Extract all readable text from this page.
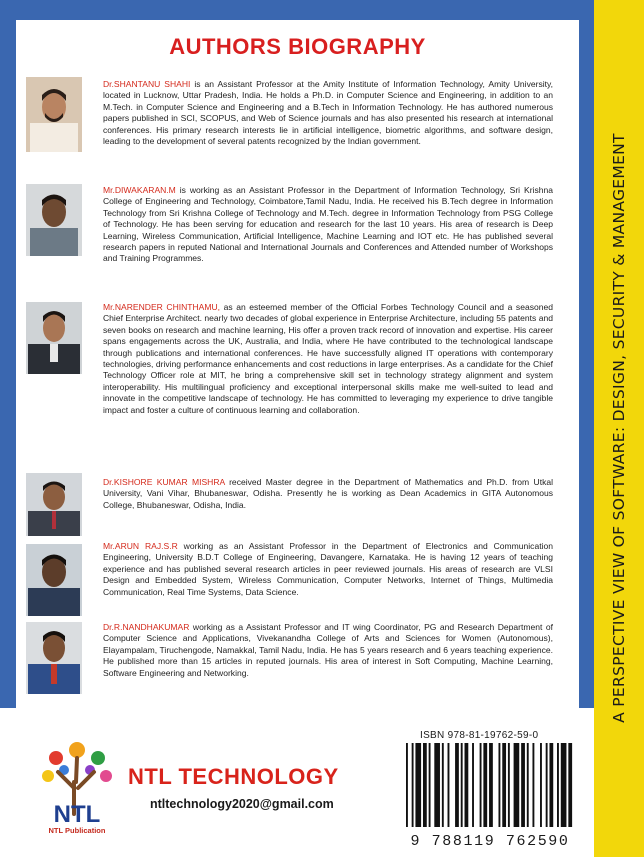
A PERSPECTIVE VIEW OF SOFTWARE: DESIGN, SECURITY & MANAGEMENT
AUTHORS BIOGRAPHY

Dr.SHANTANU SHAHI is an Assistant Professor at the Amity Institute of Information Technology, Amity University, located in Lucknow, Uttar Pradesh, India. He holds a Ph.D. in Computer Science and Engineering, in addition to an M.Tech. in Computer Science and Engineering and a B.Tech in Information Technology. He has authored numerous papers published in SCI, SCOPUS, and Web of Science journals and has also presented his research at international conferences. His primary research interests lie in artificial intelligence, biometric algorithms, and software design, leading to the development of several patents recognized by the Indian government.

Mr.DIWAKARAN.M is working as an Assistant Professor in the Department of Information Technology, Sri Krishna College of Engineering and Technology, Coimbatore,Tamil Nadu, India. He received his B.Tech degree in Information Technology from Sri Krishna College of Technology and M.Tech. degree in Information Technology from PSG College of Technology. He has been serving for education and research for the last 10 years. His area of research is Deep Learning, Wireless Communication, Artificial Intelligence, Machine Learning and IOT etc. He has published several research papers in reputed National and International Journals and Conferences and Attended number of Workshops and Training Programmes.

Mr.NARENDER CHINTHAMU, as an esteemed member of the Official Forbes Technology Council and a seasoned Chief Enterprise Architect. nearly two decades of global experience in Enterprise Architecture, including 55 patents and seven books on research and machine learning, His offer a proven track record of innovation and expertise. His career spans engagements across the UK, Australia, and India, where He have contributed to the technological landscape through publications and international conferences. He have successfully aligned IT operations with contemporary technologies, driving performance enhancements and cost reductions in large enterprises. As a candidate for the Chief Technology Officer role at MIT, he bring a comprehensive skill set in technology strategy alignment and system interoperability. His multilingual proficiency and exceptional interpersonal skills make me well-suited to lead and innovate in the competitive landscape of technology. He has committed to leveraging my experience to drive tangible impact and foster a culture of continuous learning and collaboration.

Dr.KISHORE KUMAR MISHRA received Master degree in the Department of Mathematics and Ph.D. from Utkal University, Vani Vihar, Bhubaneswar, Odisha. Presently he is working as Dean Academics in GITA Autonomous College, Bhubaneswar, Odisha, India.

Mr.ARUN RAJ.S.R working as an Assistant Professor in the Department of Electronics and Communication Engineering, University B.D.T College of Engineering, Davangere, Karnataka. He is having 12 years of teaching experience and has published several research articles in peer reviewed journals. His areas of research are VLSI Design and Embedded System, Wireless Communication, Computer Networks, Internet of Things, Multimedia Communication, Real Time Systems, Data Science.

Dr.R.NANDHAKUMAR working as a Assistant Professor and IT wing Coordinator, PG and Research Department of Computer Science and Applications, Vivekanandha College of Arts and Sciences for Women (Autonomous), Elayampalam, Tiruchengode, Namakkal, Tamil Nadu, India. He has 5 years research and 6 years teaching experience. He published more than 15 articles in reputed journals. His area of interest in Soft Computing, Machine Learning, Software Engineering and Networking.

NTL
NTL Publication
NTL TECHNOLOGY
ntltechnology2020@gmail.com
ISBN 978-81-19762-59-0
9 788119 762590
